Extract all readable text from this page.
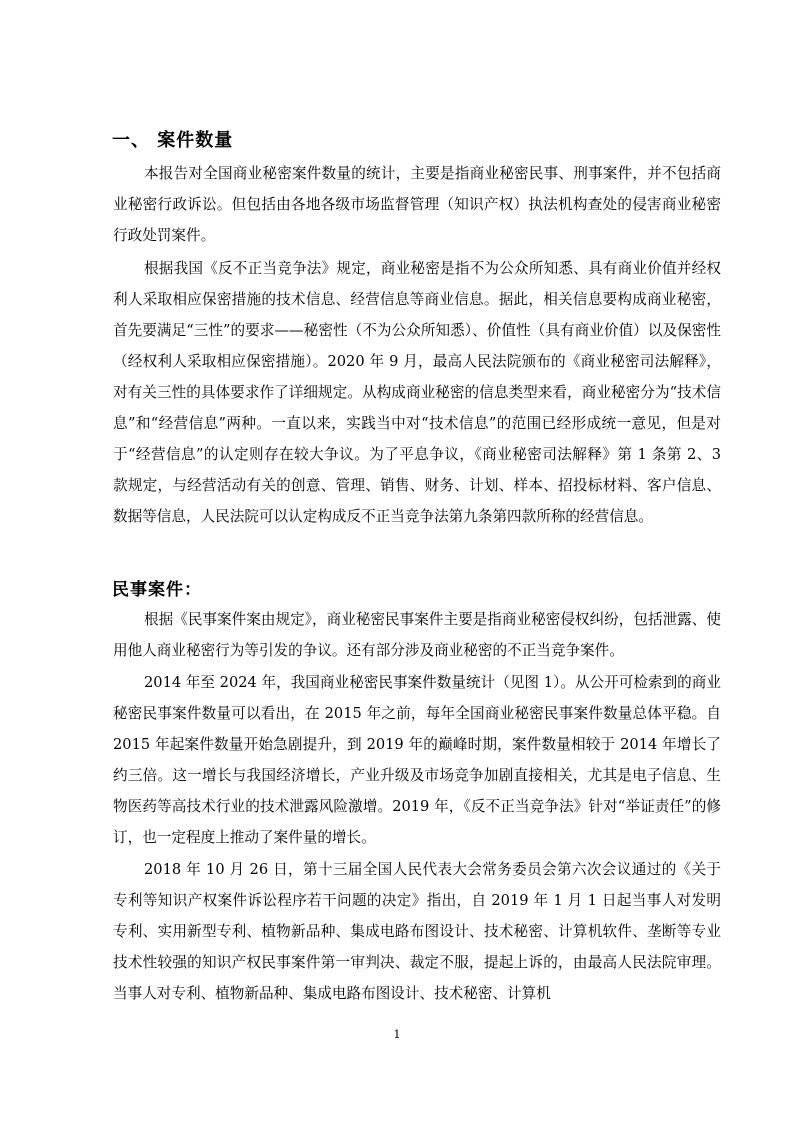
一、 案件数量

本报告对全国商业秘密案件数量的统计，主要是指商业秘密民事、刑事案件，并不包括商业秘密行政诉讼。但包括由各地各级市场监督管理（知识产权）执法机构查处的侵害商业秘密行政处罚案件。

根据我国《反不正当竞争法》规定，商业秘密是指不为公众所知悉、具有商业价值并经权利人采取相应保密措施的技术信息、经营信息等商业信息。据此，相关信息要构成商业秘密，首先要满足“三性”的要求——秘密性（不为公众所知悉）、价值性（具有商业价值）以及保密性（经权利人采取相应保密措施）。2020 年 9 月，最高人民法院颁布的《商业秘密司法解释》，对有关三性的具体要求作了详细规定。从构成商业秘密的信息类型来看，商业秘密分为“技术信息”和“经营信息”两种。一直以来，实践当中对“技术信息”的范围已经形成统一意见，但是对于“经营信息”的认定则存在较大争议。为了平息争议，《商业秘密司法解释》第 1 条第 2、3 款规定，与经营活动有关的创意、管理、销售、财务、计划、样本、招投标材料、客户信息、数据等信息，人民法院可以认定构成反不正当竞争法第九条第四款所称的经营信息。

民事案件：

根据《民事案件案由规定》，商业秘密民事案件主要是指商业秘密侵权纠纷，包括泄露、使用他人商业秘密行为等引发的争议。还有部分涉及商业秘密的不正当竞争案件。

2014 年至 2024 年，我国商业秘密民事案件数量统计（见图 1）。从公开可检索到的商业秘密民事案件数量可以看出，在 2015 年之前，每年全国商业秘密民事案件数量总体平稳。自 2015 年起案件数量开始急剧提升，到 2019 年的巅峰时期，案件数量相较于 2014 年增长了约三倍。这一增长与我国经济增长，产业升级及市场竞争加剧直接相关，尤其是电子信息、生物医药等高技术行业的技术泄露风险激增。2019 年，《反不正当竞争法》针对“举证责任”的修订，也一定程度上推动了案件量的增长。

2018 年 10 月 26 日，第十三届全国人民代表大会常务委员会第六次会议通过的《关于专利等知识产权案件诉讼程序若干问题的决定》指出，自 2019 年 1 月 1 日起当事人对发明专利、实用新型专利、植物新品种、集成电路布图设计、技术秘密、计算机软件、垄断等专业技术性较强的知识产权民事案件第一审判决、裁定不服，提起上诉的，由最高人民法院审理。当事人对专利、植物新品种、集成电路布图设计、技术秘密、计算机

1
